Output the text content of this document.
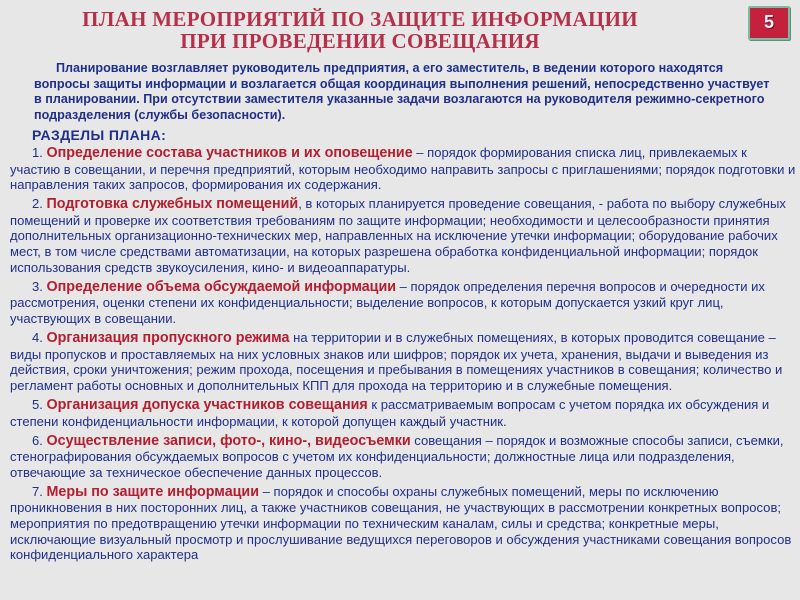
ПЛАН МЕРОПРИЯТИЙ ПО ЗАЩИТЕ ИНФОРМАЦИИ
ПРИ ПРОВЕДЕНИИ СОВЕЩАНИЯ
5
Планирование возглавляет руководитель предприятия, а его заместитель, в ведении которого находятся вопросы защиты информации и возлагается общая координация выполнения решений, непосредственно участвует в планировании. При отсутствии заместителя указанные задачи возлагаются на руководителя режимно-секретного подразделения (службы безопасности).
РАЗДЕЛЫ ПЛАНА:
1. Определение состава участников и их оповещение – порядок формирования списка лиц, привлекаемых к участию в совещании, и перечня предприятий, которым необходимо направить запросы с приглашениями; порядок подготовки и направления таких запросов, формирования их содержания.
2. Подготовка служебных помещений, в которых планируется проведение совещания, - работа по выбору служебных помещений и проверке их соответствия требованиям по защите информации; необходимости и целесообразности принятия дополнительных организационно-технических мер, направленных на исключение утечки информации; оборудование рабочих мест, в том числе средствами автоматизации, на которых разрешена обработка конфиденциальной информации; порядок использования средств звукоусиления, кино- и видеоаппаратуры.
3. Определение объема обсуждаемой информации – порядок определения перечня вопросов и очередности их рассмотрения, оценки степени их конфиденциальности; выделение вопросов, к которым допускается узкий круг лиц, участвующих в совещании.
4. Организация пропускного режима на территории и в служебных помещениях, в которых проводится совещание – виды пропусков и проставляемых на них условных знаков или шифров; порядок их учета, хранения, выдачи и выведения из действия, сроки уничтожения; режим прохода, посещения и пребывания в помещениях участников в совещания; количество и регламент работы основных и дополнительных КПП для прохода на территорию и в служебные помещения.
5. Организация допуска участников совещания к рассматриваемым вопросам с учетом порядка их обсуждения и степени конфиденциальности информации, к которой допущен каждый участник.
6. Осуществление записи, фото-, кино-, видеосъемки совещания – порядок и возможные способы записи, съемки, стенографирования обсуждаемых вопросов с учетом их конфиденциальности; должностные лица или подразделения, отвечающие за техническое обеспечение данных процессов.
7. Меры по защите информации – порядок и способы охраны служебных помещений, меры по исключению проникновения в них посторонних лиц, а также участников совещания, не участвующих в рассмотрении конкретных вопросов; мероприятия по предотвращению утечки информации по техническим каналам, силы и средства; конкретные меры, исключающие визуальный просмотр и прослушивание ведущихся переговоров и обсуждения участниками совещания вопросов конфиденциального характера
